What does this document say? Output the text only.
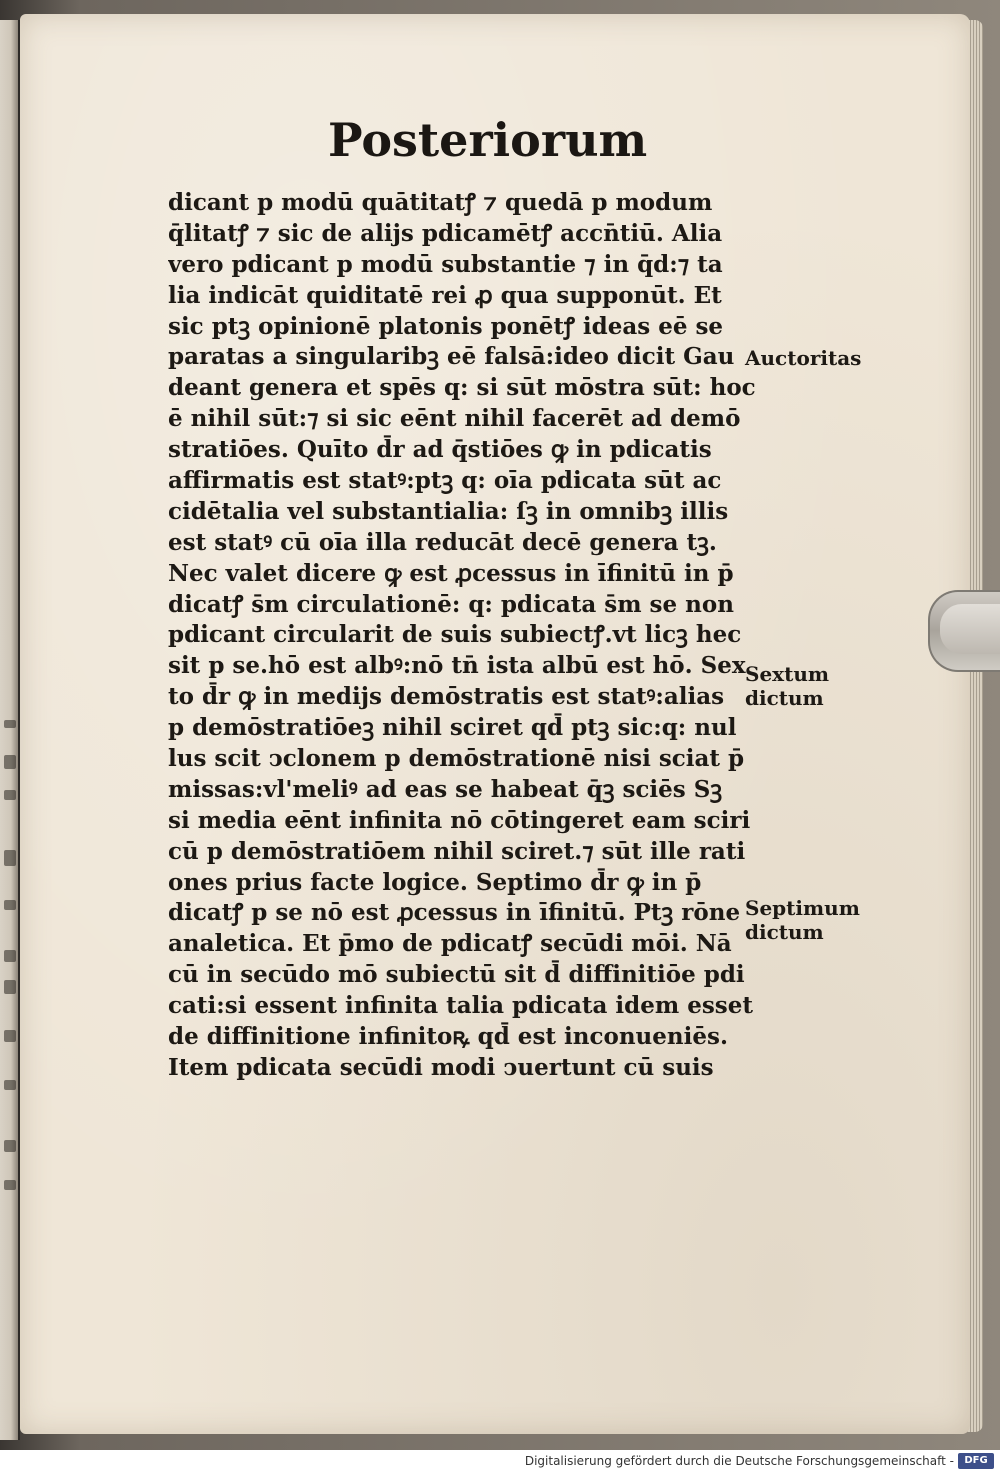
Posteriorum
dicant p modū quātitatꝭ ⁊ quedā p modum
q̄litatꝭ ⁊ sic de alijs pdicamētꝭ accn̄tiū. Alia
vero pdicant p modū substantie ⁊ in q̄d:⁊ ta
lia indicāt quiditatē rei ꝓ qua supponūt. Et
sic ptꝫ opinionē platonis ponētꝭ ideas eē se
paratas a singularibꝫ eē falsā:ideo dicit Gau
deant genera et spēs q: si sūt mōstra sūt: hoc
ē nihil sūt:⁊ si sic eēnt nihil facerēt ad demō
stratiōes. Quīto d̄r ad q̄stiōes ꝙ in pdicatis
affirmatis est statꝰ:ptꝫ q: oīa pdicata sūt ac
cidētalia vel substantialia: ſꝫ in omnibꝫ illis
est statꝰ cū oīa illa reducāt decē genera tꝫ.
Nec valet dicere ꝙ est ꝓcessus in īfinitū in p̄
dicatꝭ s̄m circulationē: q: pdicata s̄m se non
pdicant circularit de suis subiectꝭ.vt licꝫ hec
sit p se.hō est albꝰ:nō tn̄ ista albū est hō. Sex
to d̄r ꝙ in medijs demōstratis est statꝰ:alias
p demōstratiōeꝫ nihil sciret qd̄ ptꝫ sic:q: nul
lus scit ↄclonem p demōstrationē nisi sciat p̄
missas:vl'meliꝰ ad eas se habeat q̄ꝫ sciēs Sꝫ
si media eēnt infinita nō cōtingeret eam sciri
cū p demōstratiōem nihil sciret.⁊ sūt ille rati
ones prius facte logice. Septimo d̄r ꝙ in p̄
dicatꝭ p se nō est ꝓcessus in īfinitū. Ptꝫ rōne
analetica. Et p̄mo de pdicatꝭ secūdi mōi. Nā
cū in secūdo mō subiectū sit d̄ diffinitiōe pdi
cati:si essent infinita talia pdicata idem esset
de diffinitione infinitoꝶ qd̄ est inconueniēs.
Item pdicata secūdi modi ↄuertunt cū suis
Auctoritas
Sextum
dictum
Septimum
dictum
Digitalisierung gefördert durch die Deutsche Forschungsgemeinschaft -	DFG
